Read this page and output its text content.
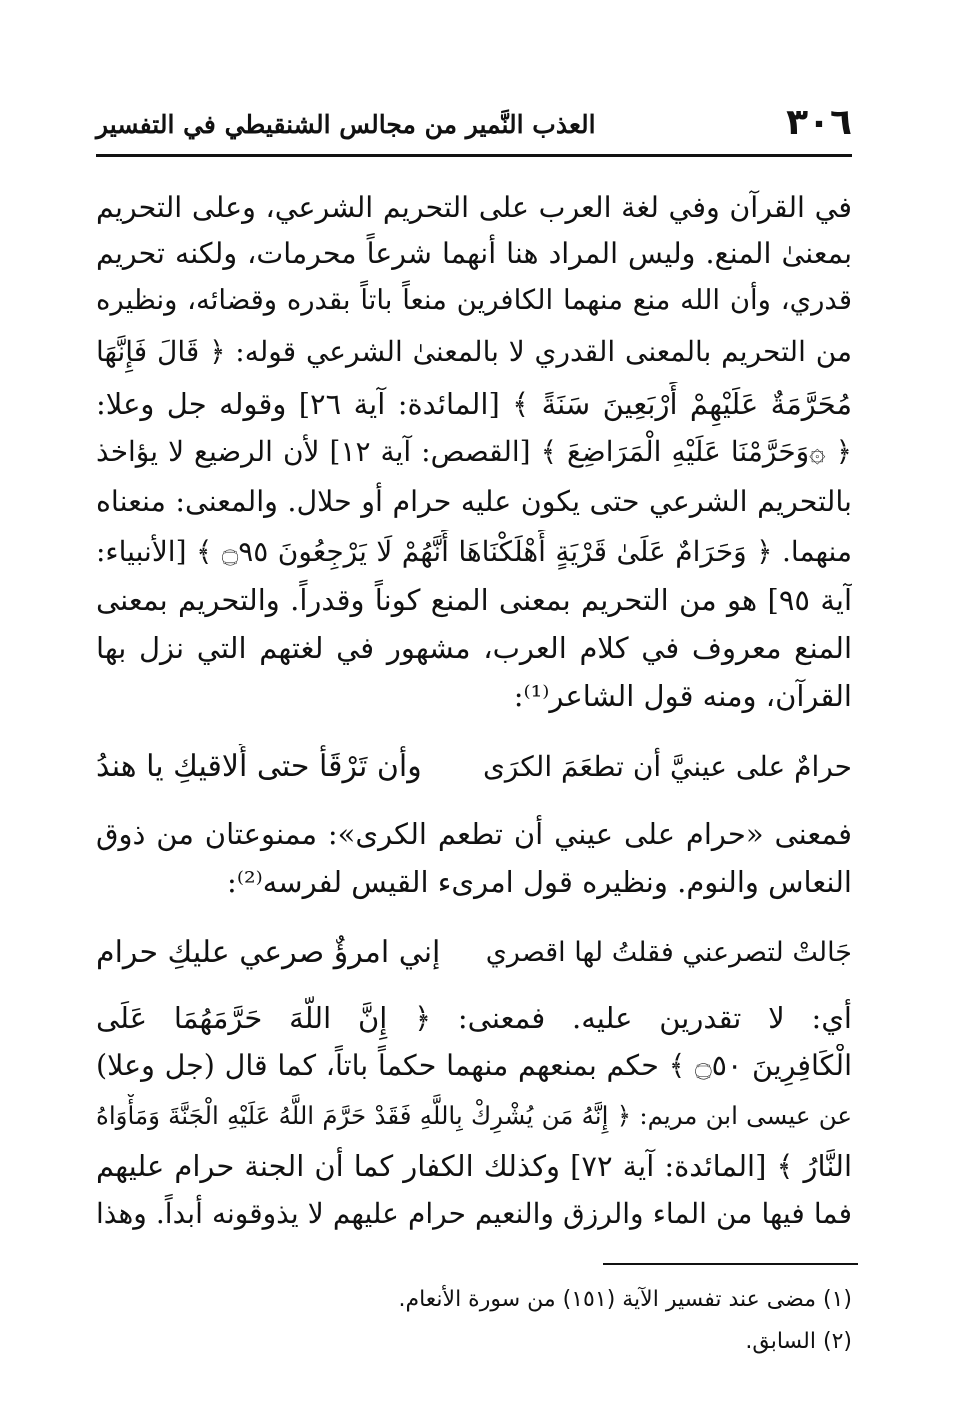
٣٠٦
العذب النَّمير من مجالس الشنقيطي في التفسير
في القرآن وفي لغة العرب على التحريم الشرعي، وعلى التحريم
بمعنىٰ المنع. وليس المراد هنا أنهما شرعاً محرمات، ولكنه تحريم
قدري، وأن الله منع منهما الكافرين منعاً باتاً بقدره وقضائه، ونظيره
من التحريم بالمعنى القدري لا بالمعنىٰ الشرعي قوله: ﴿ قَالَ فَإِنَّهَا
مُحَرَّمَةٌ عَلَيْهِمْ أَرْبَعِينَ سَنَةً ﴾ [المائدة: آية ٢٦] وقوله جل وعلا:
﴿ ۞وَحَرَّمْنَا عَلَيْهِ الْمَرَاضِعَ ﴾ [القصص: آية ١٢] لأن الرضيع لا يؤاخذ
بالتحريم الشرعي حتى يكون عليه حرام أو حلال. والمعنى: منعناه
منهما. ﴿ وَحَرَامٌ عَلَىٰ قَرْيَةٍ أَهْلَكْنَاهَا أَنَّهُمْ لَا يَرْجِعُونَ ۝٩٥ ﴾ [الأنبياء:
آية ٩٥] هو من التحريم بمعنى المنع كوناً وقدراً. والتحريم بمعنى
المنع معروف في كلام العرب، مشهور في لغتهم التي نزل بها
القرآن، ومنه قول الشاعر⁽¹⁾:
حرامٌ على عينيَّ أن تطعَمَ الكرَى
وأن تَرْقَأ حتى أُلاقيكِ يا هندُ
فمعنى «حرام على عيني أن تطعم الكرى»: ممنوعتان من ذوق
النعاس والنوم. ونظيره قول امرىء القيس لفرسه⁽²⁾:
جَالتْ لتصرعني فقلتُ لها اقصري
إني امرؤٌ صرعي عليكِ حرام
أي: لا تقدرين عليه. فمعنى: ﴿ إِنَّ اللَّهَ حَرَّمَهُمَا عَلَى
الْكَافِرِينَ ۝٥٠ ﴾ حكم بمنعهم منهما حكماً باتاً، كما قال (جل وعلا)
عن عيسى ابن مريم: ﴿ إِنَّهُ مَن يُشْرِكْ بِاللَّهِ فَقَدْ حَرَّمَ اللَّهُ عَلَيْهِ الْجَنَّةَ وَمَأْوَاهُ
النَّارُ ﴾ [المائدة: آية ٧٢] وكذلك الكفار كما أن الجنة حرام عليهم
فما فيها من الماء والرزق والنعيم حرام عليهم لا يذوقونه أبداً. وهذا
(١) مضى عند تفسير الآية (١٥١) من سورة الأنعام.
(٢) السابق.
